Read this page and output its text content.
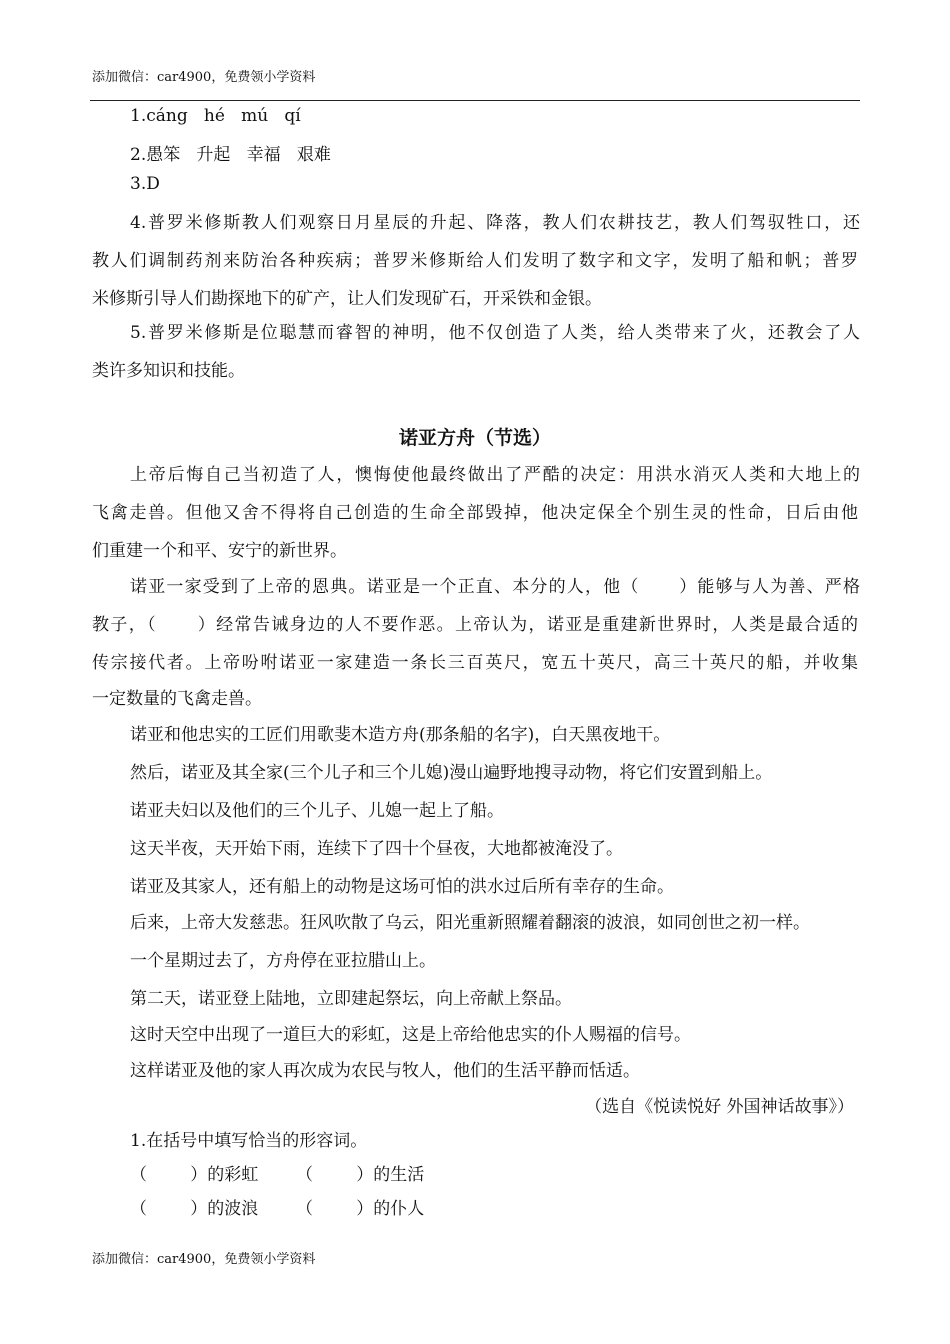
添加微信：car4900，免费领小学资料
1.cáng   hé   mú   qí
2.愚笨   升起   幸福   艰难
3.D
4.普罗米修斯教人们观察日月星辰的升起、降落，教人们农耕技艺，教人们驾驭牲口，还
教人们调制药剂来防治各种疾病；普罗米修斯给人们发明了数字和文字，发明了船和帆；普罗
米修斯引导人们勘探地下的矿产，让人们发现矿石，开采铁和金银。
5.普罗米修斯是位聪慧而睿智的神明，他不仅创造了人类，给人类带来了火，还教会了人
类许多知识和技能。
诺亚方舟（节选）
上帝后悔自己当初造了人，懊悔使他最终做出了严酷的决定：用洪水消灭人类和大地上的
飞禽走兽。但他又舍不得将自己创造的生命全部毁掉，他决定保全个别生灵的性命，日后由他
们重建一个和平、安宁的新世界。
诺亚一家受到了上帝的恩典。诺亚是一个正直、本分的人，他（      ）能够与人为善、严格
教子，（      ）经常告诫身边的人不要作恶。上帝认为，诺亚是重建新世界时，人类是最合适的
传宗接代者。上帝吩咐诺亚一家建造一条长三百英尺，宽五十英尺，高三十英尺的船，并收集
一定数量的飞禽走兽。
诺亚和他忠实的工匠们用歌斐木造方舟(那条船的名字)，白天黑夜地干。
然后，诺亚及其全家(三个儿子和三个儿媳)漫山遍野地搜寻动物，将它们安置到船上。
诺亚夫妇以及他们的三个儿子、儿媳一起上了船。
这天半夜，天开始下雨，连续下了四十个昼夜，大地都被淹没了。
诺亚及其家人，还有船上的动物是这场可怕的洪水过后所有幸存的生命。
后来，上帝大发慈悲。狂风吹散了乌云，阳光重新照耀着翻滚的波浪，如同创世之初一样。
一个星期过去了，方舟停在亚拉腊山上。
第二天，诺亚登上陆地，立即建起祭坛，向上帝献上祭品。
这时天空中出现了一道巨大的彩虹，这是上帝给他忠实的仆人赐福的信号。
这样诺亚及他的家人再次成为农民与牧人，他们的生活平静而恬适。
（选自《悦读悦好 外国神话故事》）
1.在括号中填写恰当的形容词。
（        ）的彩虹       （        ）的生活
（        ）的波浪       （        ）的仆人
添加微信：car4900，免费领小学资料
